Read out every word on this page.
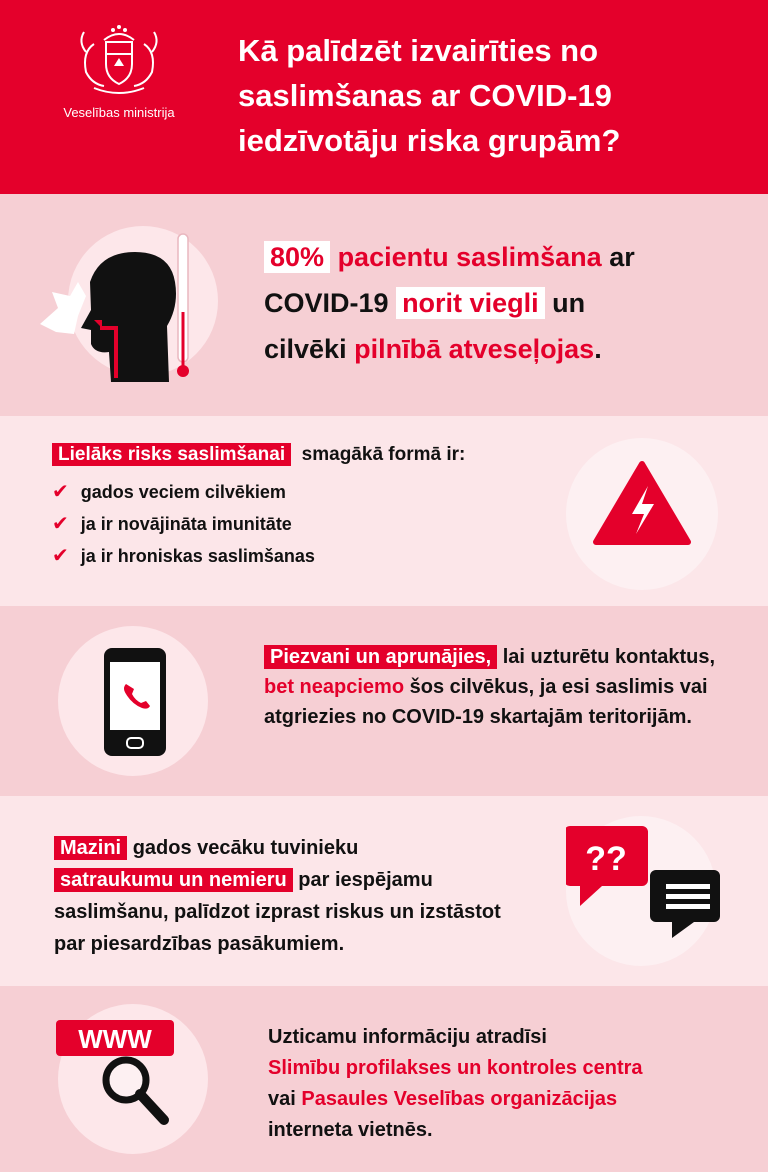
Veselības ministrija
Kā palīdzēt izvairīties no saslimšanas ar COVID-19 iedzīvotāju riska grupām?
80% pacientu saslimšana ar
COVID-19 norit viegli un
cilvēki pilnībā atveseļojas.
Lielāks risks saslimšanai smagākā formā ir:
✔ gados veciem cilvēkiem
✔ ja ir novājināta imunitāte
✔ ja ir hroniskas saslimšanas
Piezvani un aprunājies, lai uzturētu kontaktus, bet neapciemo šos cilvēkus, ja esi saslimis vai atgriezies no COVID-19 skartajām teritorijām.
Mazini gados vecāku tuvinieku
satraukumu un nemieru par iespējamu saslimšanu, palīdzot izprast riskus un izstāstot par piesardzības pasākumiem.
??
WWW	Uzticamu informāciju atradīsi
Slimību profilakses un kontroles centra
vai Pasaules Veselības organizācijas
interneta vietnēs.
